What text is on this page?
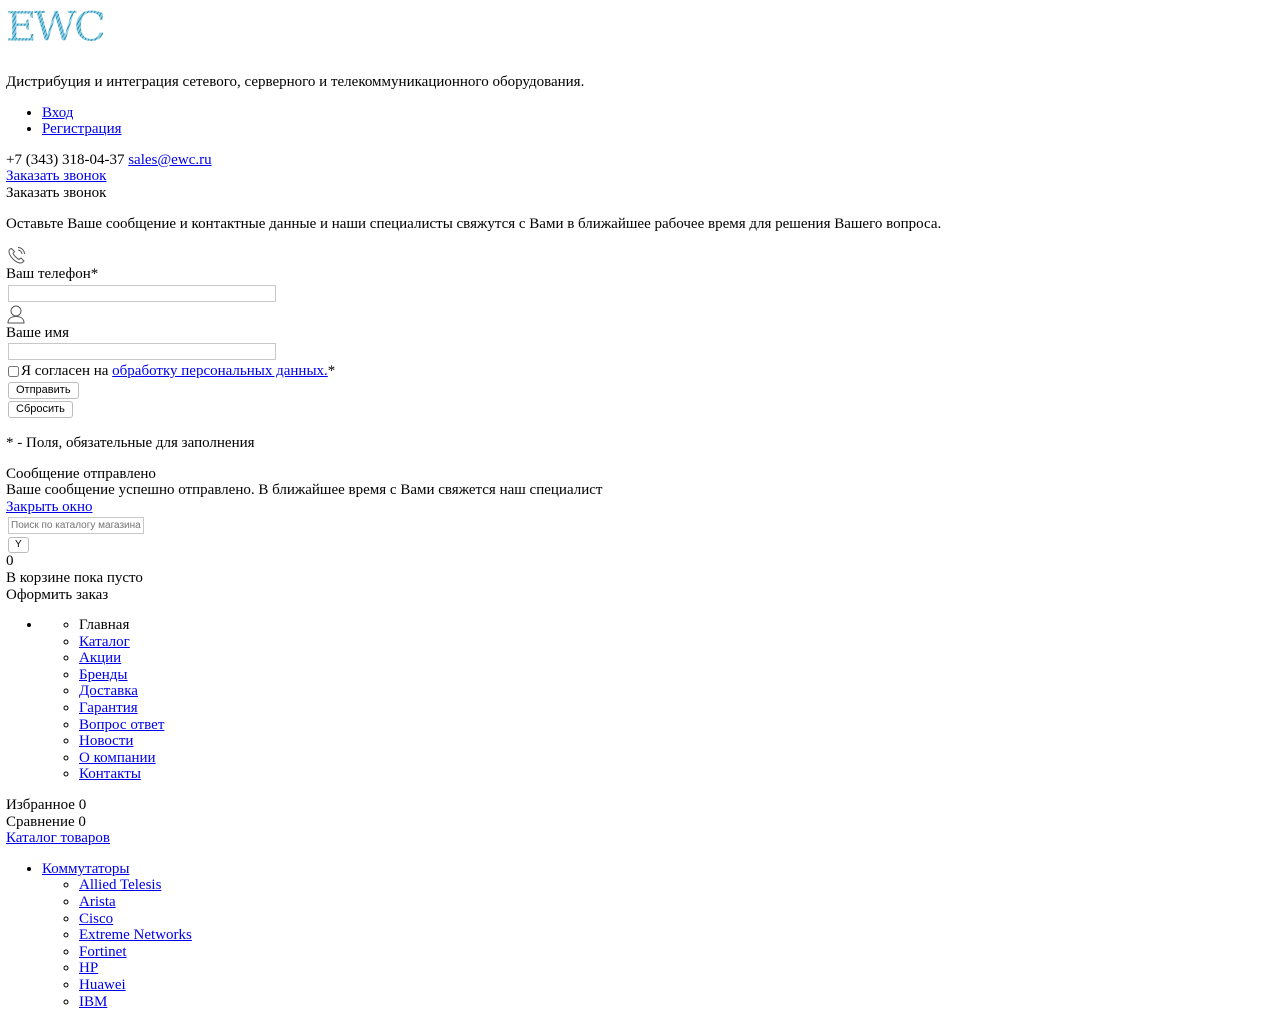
EWC

Дистрибуция и интеграция сетевого, серверного и телекоммуникационного оборудования.

• Вход
• Регистрация
+7 (343) 318-04-37 sales@ewc.ru
Заказать звонок
Заказать звонок

Оставьте Ваше сообщение и контактные данные и наши специалисты свяжутся с Вами в ближайшее рабочее время для решения Вашего вопроса.

Ваш телефон*
Ваше имя
Я согласен на
обработку персональных данных. *
Отправить
Сбросить

* - Поля, обязательные для заполнения

Сообщение отправлено

Ваше сообщение успешно отправлено. В ближайшее время с Вами свяжется наш специалист
Закрыть окно
Поиск по каталогу магазина
Y
0
В корзине пока пусто
Оформить заказ
◦ • Главная
◦ Каталог
◦ Акции
◦ Бренды
◦ Доставка
◦ Гарантия
◦ Вопрос ответ
◦ Новости
◦ О компании
◦ Контакты
Избранное 0
Сравнение 0
Каталог товаров
• Коммутаторы
◦ Allied Telesis
◦ Arista
◦ Cisco
◦ Extreme Networks
◦ Fortinet
◦ HP
◦ Huawei
◦ IBM
